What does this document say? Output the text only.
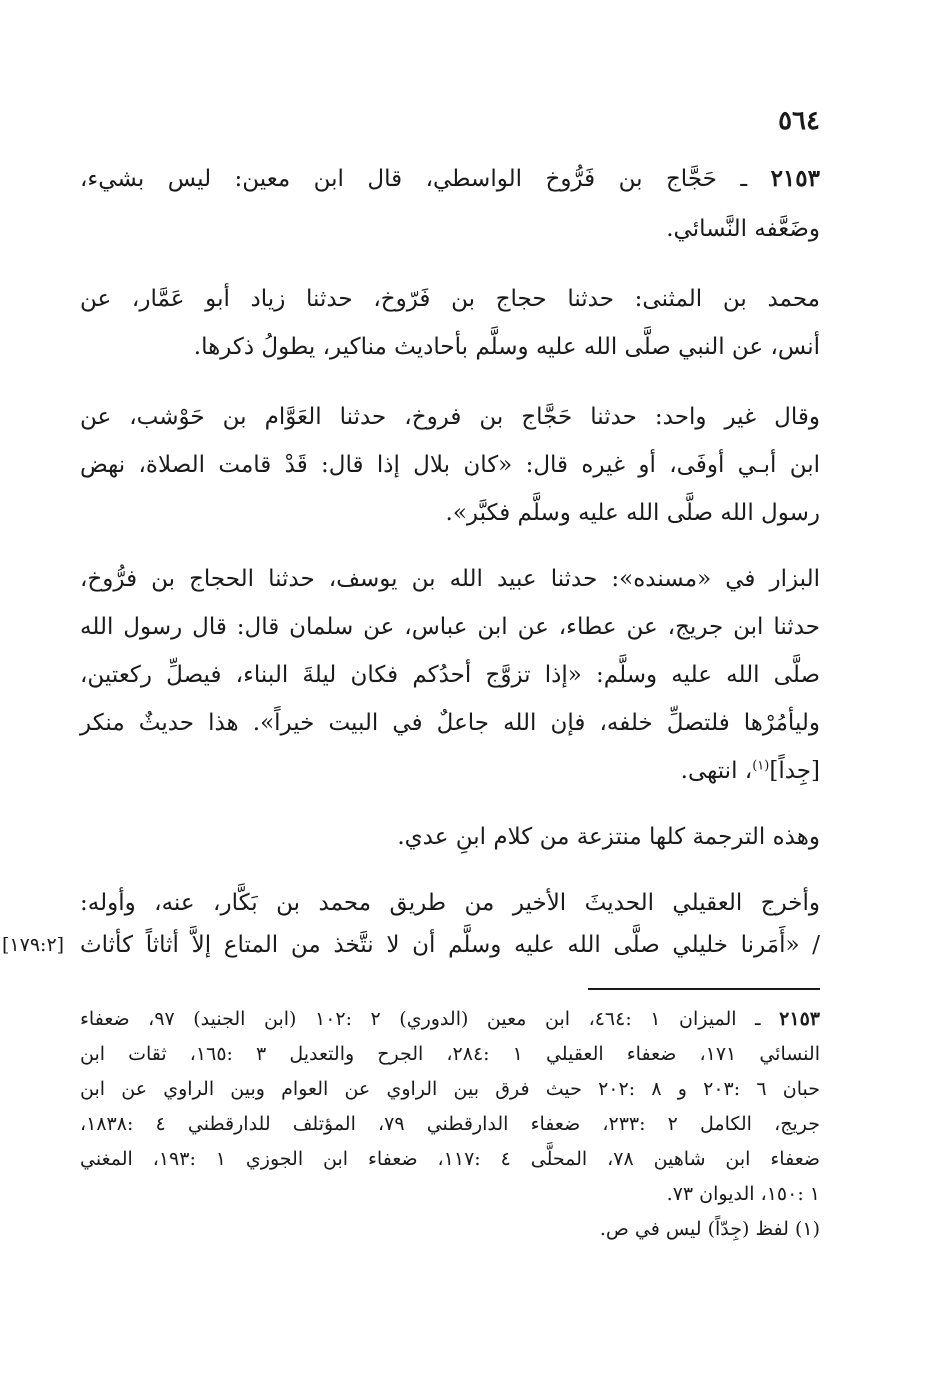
٥٦٤
٢١٥٣ ـ حَجَّاج بن فَرُّوخ الواسطي، قال ابن معين: ليس بشيء،
وضَعَّفه النَّسائي.
محمد بن المثنى: حدثنا حجاج بن فَرّوخ، حدثنا زياد أبو عَمَّار، عن
أنس، عن النبي صلَّى الله عليه وسلَّم بأحاديث مناكير، يطولُ ذكرها.
وقال غير واحد: حدثنا حَجَّاج بن فروخ، حدثنا العَوَّام بن حَوْشب، عن
ابن أبـي أوفَى، أو غيره قال: «كان بلال إذا قال: قَدْ قامت الصلاة، نهض
رسول الله صلَّى الله عليه وسلَّم فكبَّر».
البزار في «مسنده»: حدثنا عبيد الله بن يوسف، حدثنا الحجاج بن فرُّوخ،
حدثنا ابن جريج، عن عطاء، عن ابن عباس، عن سلمان قال: قال رسول الله
صلَّى الله عليه وسلَّم: «إذا تزوَّج أحدُكم فكان ليلةَ البناء، فيصلِّ ركعتين،
وليأمُرْها فلتصلِّ خلفه، فإن الله جاعلٌ في البيت خيراً». هذا حديثٌ منكر
[جِداً]$^{(١)}$، انتهى.
وهذه الترجمة كلها منتزعة من كلام ابنِ عدي.
وأخرج العقيلي الحديثَ الأخير من طريق محمد بن بَكَّار، عنه، وأوله:
/ «أَمَرنا خليلي صلَّى الله عليه وسلَّم أن لا نتَّخذ من المتاع إلاَّ أثاثاً كأثاث
[١٧٩:٢]
٢١٥٣ ـ الميزان ١ :٤٦٤، ابن معين (الدوري) ٢ :١٠٢ (ابن الجنيد) ٩٧، ضعفاء
النسائي ١٧١، ضعفاء العقيلي ١ :٢٨٤، الجرح والتعديل ٣ :١٦٥، ثقات ابن
حبان ٦ :٢٠٣ و ٨ :٢٠٢ حيث فرق بين الراوي عن العوام وبين الراوي عن ابن
جريج، الكامل ٢ :٢٣٣، ضعفاء الدارقطني ٧٩، المؤتلف للدارقطني ٤ :١٨٣٨،
ضعفاء ابن شاهين ٧٨، المحلَّى ٤ :١١٧، ضعفاء ابن الجوزي ١ :١٩٣، المغني
١ :١٥٠، الديوان ٧٣.
(١) لفظ (جِدّاً) ليس في ص.
